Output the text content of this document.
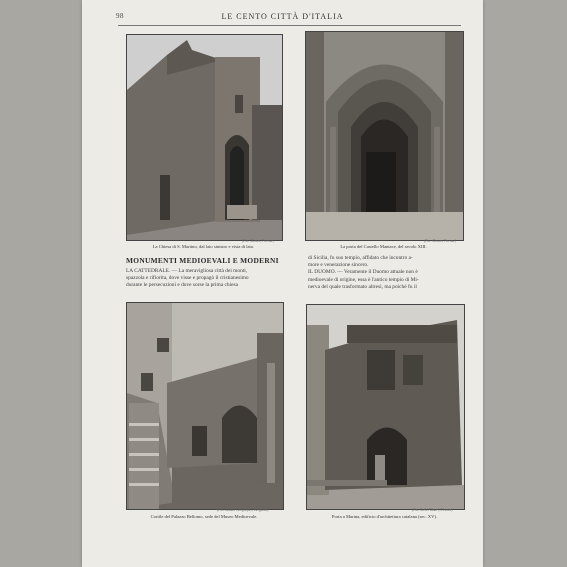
98	LE CENTO CITTÀ D'ITALIA
(Fot. Alinari, Firenze)
La Chiesa di S. Martino, dal lato sinistro e vista di lato.
(Fot. Alinari, Firenze)
La porta del Castello Maniace, del secolo XIII.
MONUMENTI MEDIOEVALI E MODERNI

LA CATTEDRALE. — La meravigliosa città dei monti,

spazzola e rifiorita, dove visse e propagò il cristianesimo

durante le persecuzioni e dove sorse la prima chiesa

di Sicilia, fu suo tempio, affidato che incontro a-

more e venerazione sincero.

IL DUOMO. — Veramente il Duomo attuale non è

medioevale di origine, essa è l'antico tempio di Mi-

nerva del quale trasformato altresì, ma poiché fu il

(Fot. Istituto Geografico, Bergamo)
Cortile del Palazzo Bellomo, sede del Museo Medioevale.
(Fot. Arch. Alinari, Firenze)
Porta a Marina, edificio d'architettura catalana (sec. XV).
